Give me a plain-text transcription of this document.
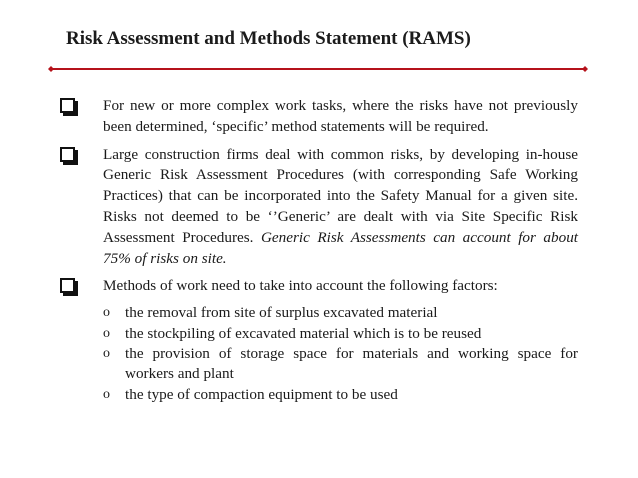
Risk Assessment and Methods Statement (RAMS)
For new or more complex work tasks, where the risks have not previously been determined, ‘specific’ method statements will be required.
Large construction firms deal with common risks, by developing in-house Generic Risk Assessment Procedures (with corresponding Safe Working Practices) that can be incorporated into the Safety Manual for a given site. Risks not deemed to be ‘’Generic’ are dealt with via Site Specific Risk Assessment Procedures. Generic Risk Assessments can account for about 75% of risks on site.
Methods of work need to take into account the following factors:
o the removal from site of surplus excavated material
o the stockpiling of excavated material which is to be reused
o the provision of storage space for materials and working space for workers and plant
o the type of compaction equipment to be used
